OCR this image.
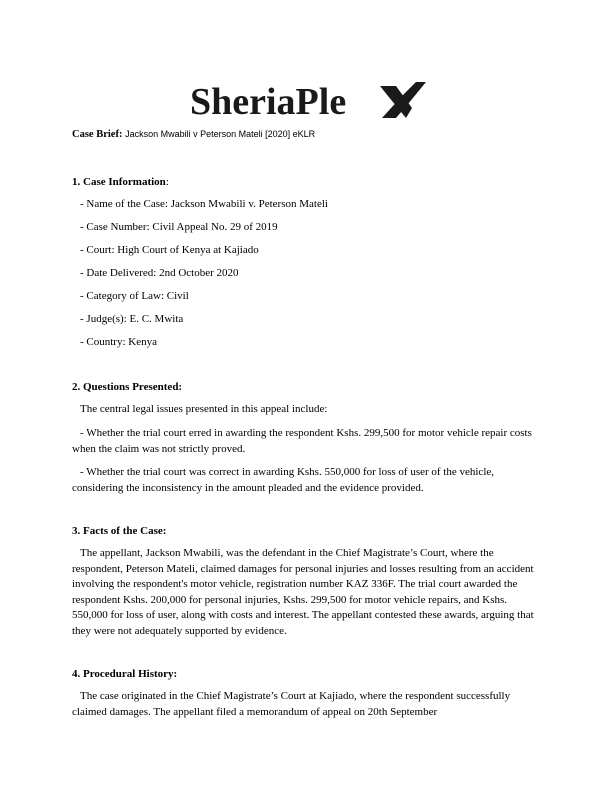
SheriaPle
Case Brief: Jackson Mwabili v Peterson Mateli [2020] eKLR
1. Case Information:
- Name of the Case: Jackson Mwabili v. Peterson Mateli
- Case Number: Civil Appeal No. 29 of 2019
- Court: High Court of Kenya at Kajiado
- Date Delivered: 2nd October 2020
- Category of Law: Civil
- Judge(s): E. C. Mwita
- Country: Kenya
2. Questions Presented:

The central legal issues presented in this appeal include:

- Whether the trial court erred in awarding the respondent Kshs. 299,500 for motor vehicle repair costs when the claim was not strictly proved.

- Whether the trial court was correct in awarding Kshs. 550,000 for loss of user of the vehicle, considering the inconsistency in the amount pleaded and the evidence provided.

3. Facts of the Case:

The appellant, Jackson Mwabili, was the defendant in the Chief Magistrate’s Court, where the respondent, Peterson Mateli, claimed damages for personal injuries and losses resulting from an accident involving the respondent's motor vehicle, registration number KAZ 336F. The trial court awarded the respondent Kshs. 200,000 for personal injuries, Kshs. 299,500 for motor vehicle repairs, and Kshs. 550,000 for loss of user, along with costs and interest. The appellant contested these awards, arguing that they were not adequately supported by evidence.

4. Procedural History:

The case originated in the Chief Magistrate’s Court at Kajiado, where the respondent successfully claimed damages. The appellant filed a memorandum of appeal on 20th September
